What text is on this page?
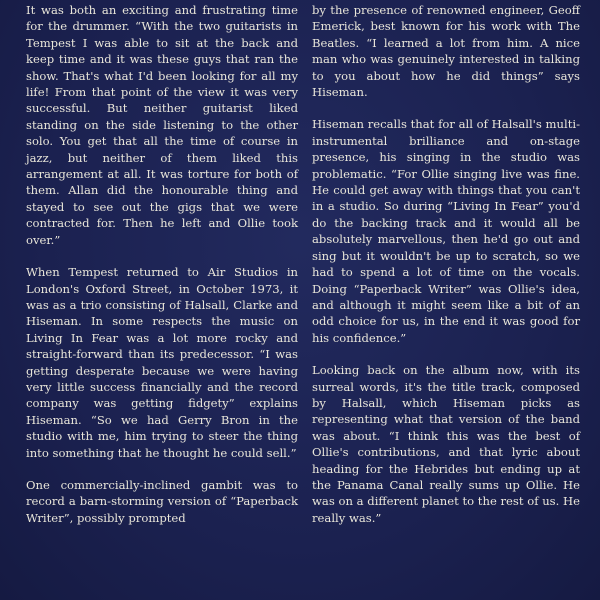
It was both an exciting and frustrating time for the drummer. “With the two guitarists in Tempest I was able to sit at the back and keep time and it was these guys that ran the show. That's what I'd been looking for all my life! From that point of the view it was very successful. But neither guitarist liked standing on the side listening to the other solo. You get that all the time of course in jazz, but neither of them liked this arrangement at all. It was torture for both of them. Allan did the honourable thing and stayed to see out the gigs that we were contracted for. Then he left and Ollie took over.”

When Tempest returned to Air Studios in London's Oxford Street, in October 1973, it was as a trio consisting of Halsall, Clarke and Hiseman. In some respects the music on Living In Fear was a lot more rocky and straight-forward than its predecessor. “I was getting desperate because we were having very little success financially and the record company was getting fidgety” explains Hiseman. “So we had Gerry Bron in the studio with me, him trying to steer the thing into something that he thought he could sell.”

One commercially-inclined gambit was to record a barn-storming version of “Paperback Writer”, possibly prompted

by the presence of renowned engineer, Geoff Emerick, best known for his work with The Beatles. “I learned a lot from him. A nice man who was genuinely interested in talking to you about how he did things” says Hiseman.

Hiseman recalls that for all of Halsall's multi-instrumental brilliance and on-stage presence, his singing in the studio was problematic. “For Ollie singing live was fine. He could get away with things that you can't in a studio. So during “Living In Fear” you'd do the backing track and it would all be absolutely marvellous, then he'd go out and sing but it wouldn't be up to scratch, so we had to spend a lot of time on the vocals. Doing “Paperback Writer” was Ollie's idea, and although it might seem like a bit of an odd choice for us, in the end it was good for his confidence.”

Looking back on the album now, with its surreal words, it's the title track, composed by Halsall, which Hiseman picks as representing what that version of the band was about. “I think this was the best of Ollie's contributions, and that lyric about heading for the Hebrides but ending up at the Panama Canal really sums up Ollie. He was on a different planet to the rest of us. He really was.”
